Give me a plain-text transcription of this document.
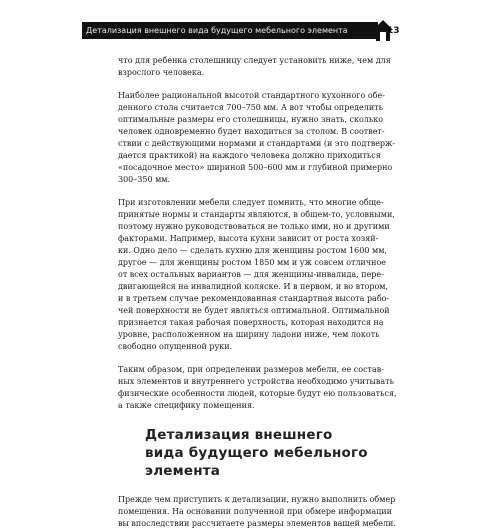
Детализация внешнего вида будущего мебельного элемента	13

что для ребенка столешницу следует установить ниже, чем для
взрослого человека.

Наиболее рациональной высотой стандартного кухонного обе-
денного стола считается 700–750 мм. А вот чтобы определить
оптимальные размеры его столешницы, нужно знать, сколько
человек одновременно будет находиться за столом. В соответ-
ствии с действующими нормами и стандартами (и это подтверж-
дается практикой) на каждого человека должно приходиться
«посадочное место» шириной 500–600 мм и глубиной примерно
300–350 мм.

При изготовлении мебели следует помнить, что многие обще-
принятые нормы и стандарты являются, в общем-то, условными,
поэтому нужно руководствоваться не только ими, но и другими
факторами. Например, высота кухни зависит от роста хозяй-
ки. Одно дело — сделать кухню для женщины ростом 1600 мм,
другое — для женщины ростом 1850 мм и уж совсем отличное
от всех остальных вариантов — для женщины-инвалида, пере-
двигающейся на инвалидной коляске. И в первом, и во втором,
и в третьем случае рекомендованная стандартная высота рабо-
чей поверхности не будет являться оптимальной. Оптимальной
признается такая рабочая поверхность, которая находится на
уровне, расположенном на ширину ладони ниже, чем локоть
свободно опущенной руки.

Таким образом, при определении размеров мебели, ее состав-
ных элементов и внутреннего устройства необходимо учитывать
физические особенности людей, которые будут ею пользоваться,
а также специфику помещения.

Детализация внешнего
вида будущего мебельного
элемента

Прежде чем приступить к детализации, нужно выполнить обмер
помещения. На основании полученной при обмере информации
вы впоследствии рассчитаете размеры элементов вашей мебели.
